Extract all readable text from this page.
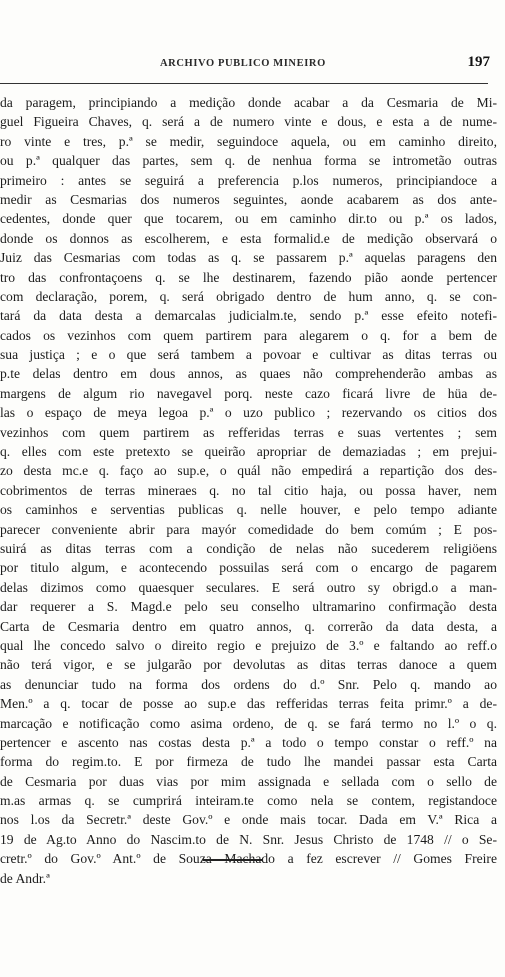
ARCHIVO PUBLICO MINEIRO	197
da paragem, principiando a medição donde acabar a da Cesmaria de Mi-
guel Figueira Chaves, q. será a de numero vinte e dous, e esta a de nume-
ro vinte e tres, p.ª se medir, seguindoce aquela, ou em caminho direito,
ou p.ª qualquer das partes, sem q. de nenhua forma se intrometão outras
primeiro : antes se seguirá a preferencia p.los numeros, principiandoce a
medir as Cesmarias dos numeros seguintes, aonde acabarem as dos ante-
cedentes, donde quer que tocarem, ou em caminho dir.to ou p.ª os lados,
donde os donnos as escolherem, e esta formalid.e de medição observará o
Juiz das Cesmarias com todas as q. se passarem p.ª aquelas paragens den
tro das confrontaçoens q. se lhe destinarem, fazendo pião aonde pertencer
com declaração, porem, q. será obrigado dentro de hum anno, q. se con-
tará da data desta a demarcalas judicialm.te, sendo p.ª esse efeito notefi-
cados os vezinhos com quem partirem para alegarem o q. for a bem de
sua justiça ; e o que será tambem a povoar e cultivar as ditas terras ou
p.te delas dentro em dous annos, as quaes não comprehenderão ambas as
margens de algum rio navegavel porq. neste cazo ficará livre de hüa de-
las o espaço de meya legoa p.ª o uzo publico ; rezervando os citios dos
vezinhos com quem partirem as refferidas terras e suas vertentes ; sem
q. elles com este pretexto se queirão apropriar de demaziadas ; em prejui-
zo desta mc.e q. faço ao sup.e, o quál não empedirá a repartição dos des-
cobrimentos de terras mineraes q. no tal citio haja, ou possa haver, nem
os caminhos e serventias publicas q. nelle houver, e pelo tempo adiante
parecer conveniente abrir para mayór comedidade do bem comúm ; E pos-
suirá as ditas terras com a condição de nelas não sucederem religiöens
por titulo algum, e acontecendo possuilas será com o encargo de pagarem
delas dizimos como quaesquer seculares. E será outro sy obrigd.o a man-
dar requerer a S. Magd.e pelo seu conselho ultramarino confirmação desta
Carta de Cesmaria dentro em quatro annos, q. correrão da data desta, a
qual lhe concedo salvo o direito regio e prejuizo de 3.º e faltando ao reff.o
não terá vigor, e se julgarão por devolutas as ditas terras danoce a quem
as denunciar tudo na forma dos ordens do d.º Snr. Pelo q. mando ao
Men.º a q. tocar de posse ao sup.e das refferidas terras feita primr.º a de-
marcação e notificação como asima ordeno, de q. se fará termo no l.º o q.
pertencer e ascento nas costas desta p.ª a todo o tempo constar o reff.º na
forma do regim.to. E por firmeza de tudo lhe mandei passar esta Carta
de Cesmaria por duas vias por mim assignada e sellada com o sello de
m.as armas q. se cumprirá inteiram.te como nela se contem, registandoce
nos l.os da Secretr.ª deste Gov.º e onde mais tocar. Dada em V.ª Rica a
19 de Ag.to Anno do Nascim.to de N. Snr. Jesus Christo de 1748 // o Se-
cretr.º do Gov.º Ant.º de Souza Machado a fez escrever // Gomes Freire
de Andr.ª
